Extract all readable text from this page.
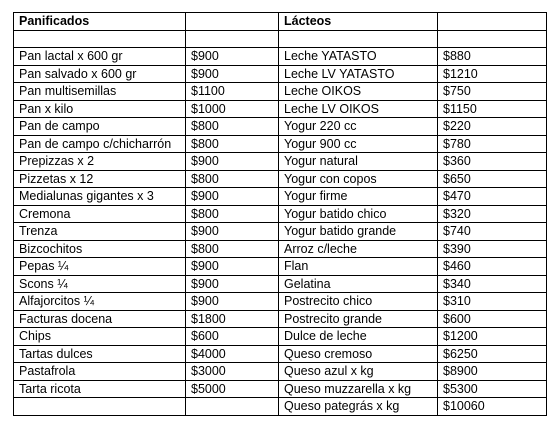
Panificados		Lácteos	

Pan lactal x 600 gr	$900	Leche YATASTO	$880
Pan salvado x 600 gr	$900	Leche LV YATASTO	$1210
Pan multisemillas	$1100	Leche OIKOS	$750
Pan x kilo	$1000	Leche LV OIKOS	$1150
Pan de campo	$800	Yogur 220 cc	$220
Pan de campo c/chicharrón	$800	Yogur 900 cc	$780
Prepizzas x 2	$900	Yogur natural	$360
Pizzetas x 12	$800	Yogur con copos	$650
Medialunas gigantes x 3	$900	Yogur firme	$470
Cremona	$800	Yogur batido chico	$320
Trenza	$900	Yogur batido grande	$740
Bizcochitos	$800	Arroz c/leche	$390
Pepas ¼	$900	Flan	$460
Scons ¼	$900	Gelatina	$340
Alfajorcitos ¼	$900	Postrecito chico	$310
Facturas docena	$1800	Postrecito grande	$600
Chips	$600	Dulce de leche	$1200
Tartas dulces	$4000	Queso cremoso	$6250
Pastafrola	$3000	Queso azul x kg	$8900
Tarta ricota	$5000	Queso muzzarella x kg	$5300
		Queso pategrás x kg	$10060
